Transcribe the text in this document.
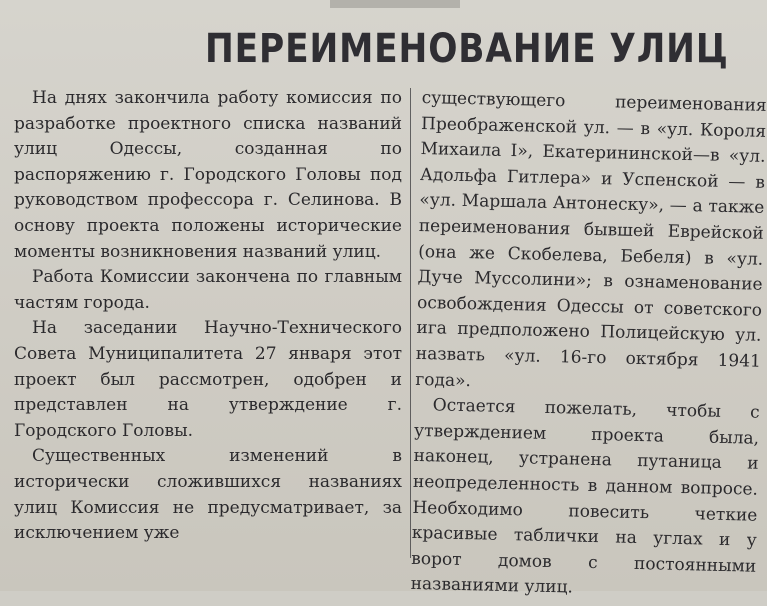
ПЕРЕИМЕНОВАНИЕ УЛИЦ

На днях закончила работу комиссия по разработке проектного списка названий улиц Одессы, созданная по распоряжению г. Городского Головы под руководством профессора г. Селинова. В основу проекта положены исторические моменты возникновения названий улиц.

Работа Комиссии закончена по главным частям города.

На заседании Научно-Технического Совета Муниципалитета 27 января этот проект был рассмотрен, одобрен и представлен на утверждение г. Городского Головы.

Существенных изменений в исторически сложившихся названиях улиц Комиссия не предусматривает, за исключением уже

существующего переименования Преображенской ул. — в «ул. Короля Михаила I», Екатерининской—в «ул. Адольфа Гитлера» и Успенской — в «ул. Маршала Антонеску», — а также переименования бывшей Еврейской (она же Скобелева, Бебеля) в «ул. Дуче Муссолини»; в ознаменование освобождения Одессы от советского ига предположено Полицейскую ул. назвать «ул. 16-го октября 1941 года».

Остается пожелать, чтобы с утверждением проекта была, наконец, устранена путаница и неопределенность в данном вопросе. Необходимо повесить четкие красивые таблички на углах и у ворот домов с постоянными названиями улиц.
